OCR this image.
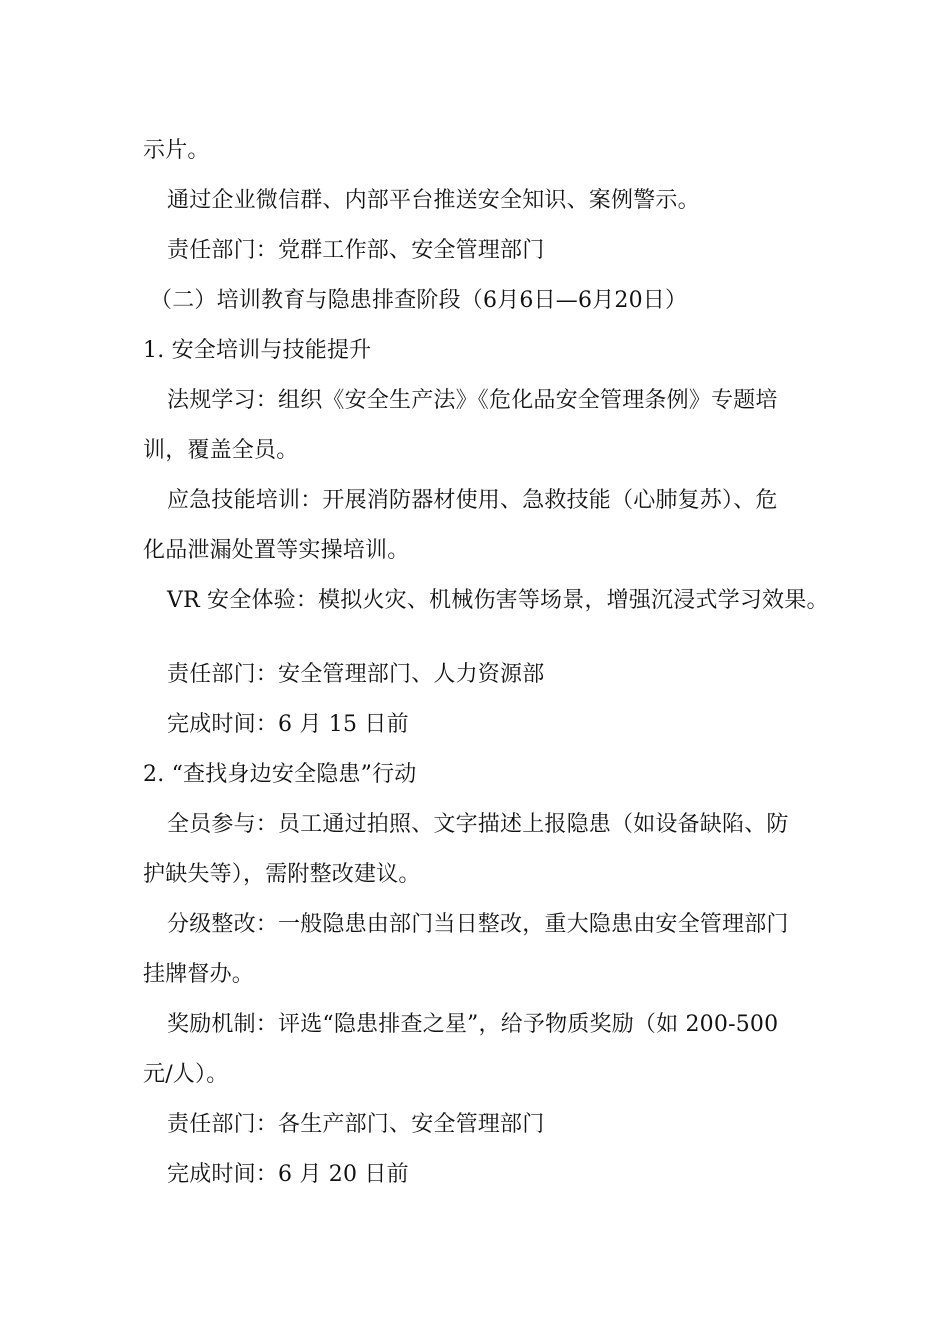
示片。
通过企业微信群、内部平台推送安全知识、案例警示。
责任部门：党群工作部、安全管理部门
（二）培训教育与隐患排查阶段（6月6日—6月20日）
1. 安全培训与技能提升
法规学习：组织《安全生产法》《危化品安全管理条例》专题培
训，覆盖全员。
应急技能培训：开展消防器材使用、急救技能（心肺复苏）、危
化品泄漏处置等实操培训。
VR 安全体验：模拟火灾、机械伤害等场景，增强沉浸式学习效果。
责任部门：安全管理部门、人力资源部
完成时间：6 月 15 日前
2. “查找身边安全隐患”行动
全员参与：员工通过拍照、文字描述上报隐患（如设备缺陷、防
护缺失等），需附整改建议。
分级整改：一般隐患由部门当日整改，重大隐患由安全管理部门
挂牌督办。
奖励机制：评选“隐患排查之星”，给予物质奖励（如 200-500
元/人）。
责任部门：各生产部门、安全管理部门
完成时间：6 月 20 日前
